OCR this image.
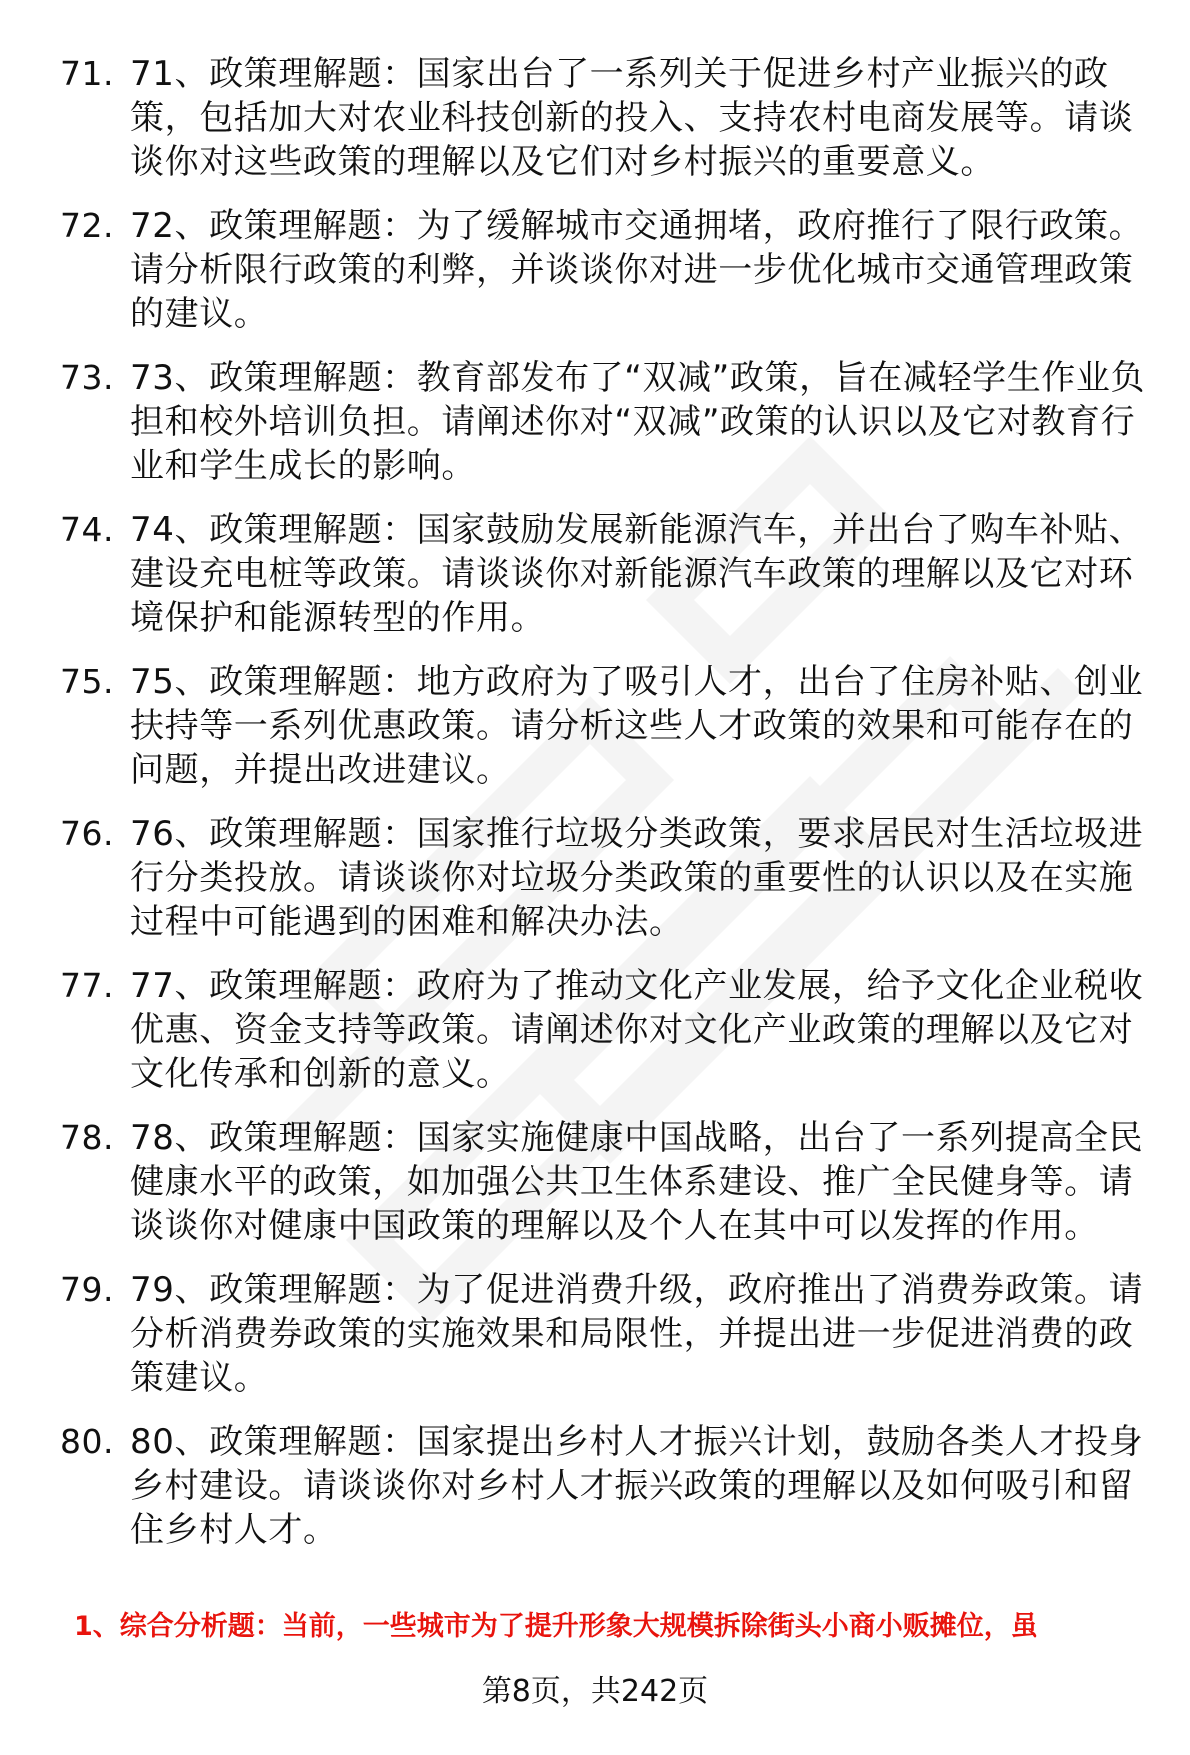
71. 71、政策理解题：国家出台了一系列关于促进乡村产业振兴的政策，包括加大对农业科技创新的投入、支持农村电商发展等。请谈谈你对这些政策的理解以及它们对乡村振兴的重要意义。
72. 72、政策理解题：为了缓解城市交通拥堵，政府推行了限行政策。请分析限行政策的利弊，并谈谈你对进一步优化城市交通管理政策的建议。
73. 73、政策理解题：教育部发布了“双减”政策，旨在减轻学生作业负担和校外培训负担。请阐述你对“双减”政策的认识以及它对教育行业和学生成长的影响。
74. 74、政策理解题：国家鼓励发展新能源汽车，并出台了购车补贴、建设充电桩等政策。请谈谈你对新能源汽车政策的理解以及它对环境保护和能源转型的作用。
75. 75、政策理解题：地方政府为了吸引人才，出台了住房补贴、创业扶持等一系列优惠政策。请分析这些人才政策的效果和可能存在的问题，并提出改进建议。
76. 76、政策理解题：国家推行垃圾分类政策，要求居民对生活垃圾进行分类投放。请谈谈你对垃圾分类政策的重要性的认识以及在实施过程中可能遇到的困难和解决办法。
77. 77、政策理解题：政府为了推动文化产业发展，给予文化企业税收优惠、资金支持等政策。请阐述你对文化产业政策的理解以及它对文化传承和创新的意义。
78. 78、政策理解题：国家实施健康中国战略，出台了一系列提高全民健康水平的政策，如加强公共卫生体系建设、推广全民健身等。请谈谈你对健康中国政策的理解以及个人在其中可以发挥的作用。
79. 79、政策理解题：为了促进消费升级，政府推出了消费券政策。请分析消费券政策的实施效果和局限性，并提出进一步促进消费的政策建议。
80. 80、政策理解题：国家提出乡村人才振兴计划，鼓励各类人才投身乡村建设。请谈谈你对乡村人才振兴政策的理解以及如何吸引和留住乡村人才。
1、综合分析题：当前，一些城市为了提升形象大规模拆除街头小商小贩摊位，虽
第8页，共242页
